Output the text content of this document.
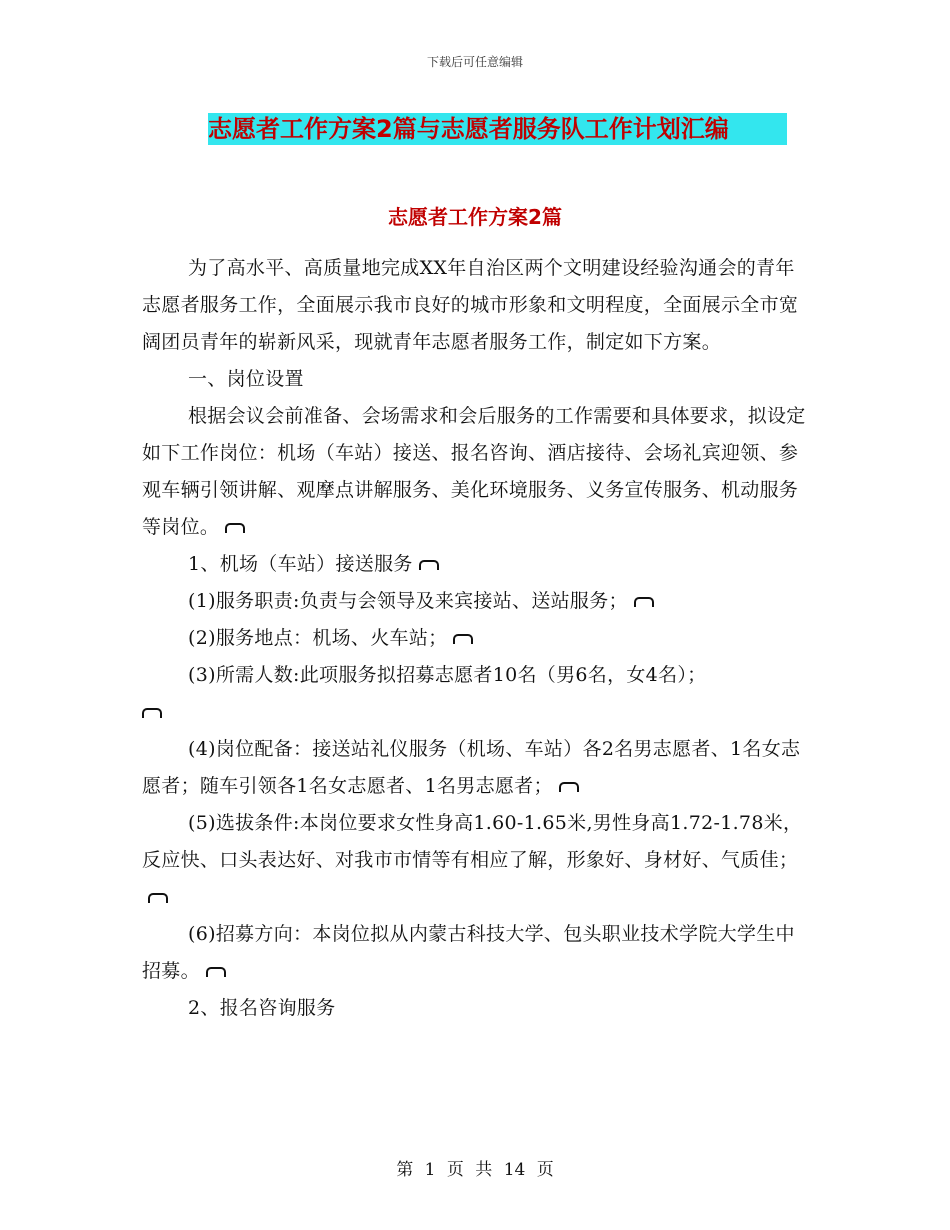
下载后可任意编辑
志愿者工作方案2篇与志愿者服务队工作计划汇编
志愿者工作方案2篇

为了高水平、高质量地完成XX年自治区两个文明建设经验沟通会的青年志愿者服务工作，全面展示我市良好的城市形象和文明程度，全面展示全市宽阔团员青年的崭新风采，现就青年志愿者服务工作，制定如下方案。

一、岗位设置

根据会议会前准备、会场需求和会后服务的工作需要和具体要求，拟设定如下工作岗位：机场（车站）接送、报名咨询、酒店接待、会场礼宾迎领、参观车辆引领讲解、观摩点讲解服务、美化环境服务、义务宣传服务、机动服务等岗位。

1、机场（车站）接送服务

(1)服务职责:负责与会领导及来宾接站、送站服务；

(2)服务地点：机场、火车站；

(3)所需人数:此项服务拟招募志愿者10名（男6名，女4名）；

(4)岗位配备：接送站礼仪服务（机场、车站）各2名男志愿者、1名女志愿者；随车引领各1名女志愿者、1名男志愿者；

(5)选拔条件:本岗位要求女性身高1.60-1.65米,男性身高1.72-1.78米，反应快、口头表达好、对我市市情等有相应了解，形象好、身材好、气质佳；

(6)招募方向：本岗位拟从内蒙古科技大学、包头职业技术学院大学生中招募。

2、报名咨询服务

第 1 页 共 14 页
